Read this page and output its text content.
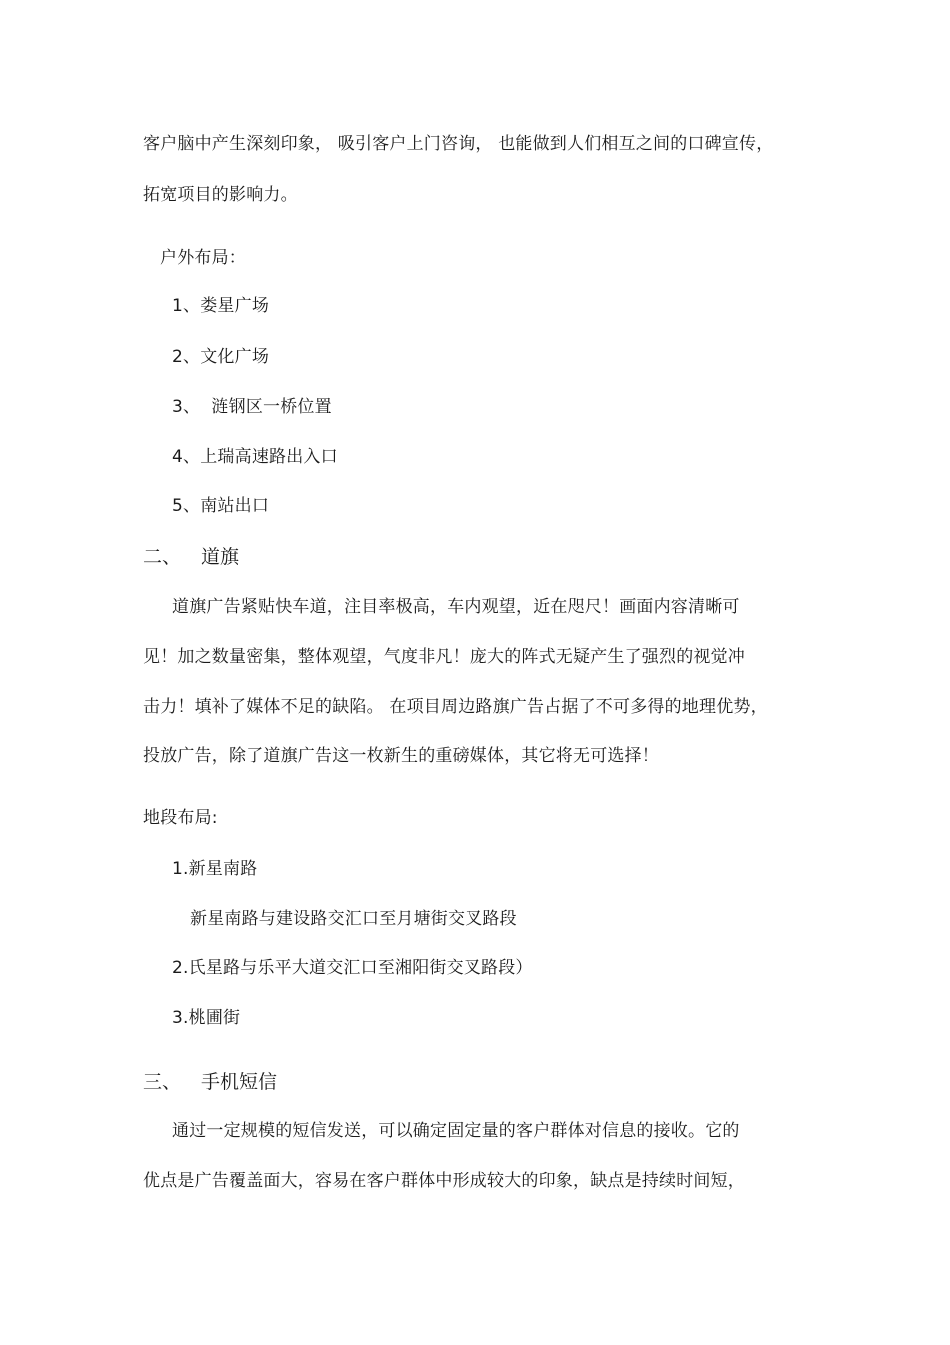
客户脑中产生深刻印象， 吸引客户上门咨询， 也能做到人们相互之间的口碑宣传，
拓宽项目的影响力。
户外布局：
1、娄星广场
2、文化广场
3、  涟钢区一桥位置
4、上瑞高速路出入口
5、南站出口
二、 道旗
道旗广告紧贴快车道，注目率极高，车内观望，近在咫尺！画面内容清晰可
见！加之数量密集，整体观望，气度非凡！庞大的阵式无疑产生了强烈的视觉冲
击力！填补了媒体不足的缺陷。 在项目周边路旗广告占据了不可多得的地理优势，
投放广告，除了道旗广告这一枚新生的重磅媒体，其它将无可选择！
地段布局:
1.新星南路
新星南路与建设路交汇口至月塘街交叉路段
2.氏星路与乐平大道交汇口至湘阳街交叉路段）
3.桃圃街
三、 手机短信
通过一定规模的短信发送，可以确定固定量的客户群体对信息的接收。它的
优点是广告覆盖面大，容易在客户群体中形成较大的印象，缺点是持续时间短，
